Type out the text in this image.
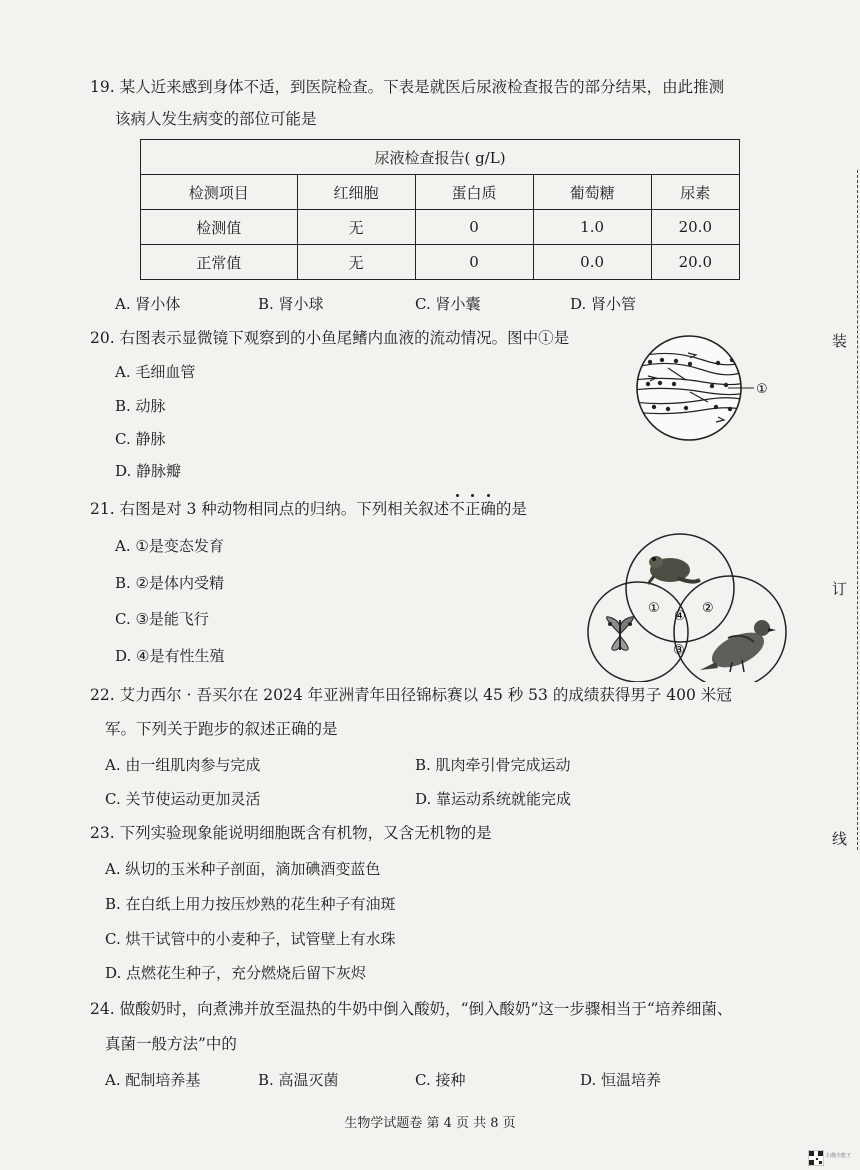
19. 某人近来感到身体不适，到医院检查。下表是就医后尿液检查报告的部分结果，由此推测
该病人发生病变的部位可能是
尿液检查报告( g/L)				
检测项目	红细胞	蛋白质	葡萄糖	尿素
检测值	无	0	1.0	20.0
正常值	无	0	0.0	20.0
A. 肾小体	B. 肾小球	C. 肾小囊	D. 肾小管
20. 右图表示显微镜下观察到的小鱼尾鳍内血液的流动情况。图中①是
A. 毛细血管
B. 动脉
C. 静脉
D. 静脉瓣
①
21. 右图是对 3 种动物相同点的归纳。下列相关叙述不正确的是
A. ①是变态发育
B. ②是体内受精
C. ③是能飞行
D. ④是有性生殖
①	②
③
④
22. 艾力西尔 · 吾买尔在 2024 年亚洲青年田径锦标赛以 45 秒 53 的成绩获得男子 400 米冠
军。下列关于跑步的叙述正确的是
A. 由一组肌肉参与完成	B. 肌肉牵引骨完成运动
C. 关节使运动更加灵活	D. 靠运动系统就能完成
23. 下列实验现象能说明细胞既含有机物，又含无机物的是
A. 纵切的玉米种子剖面，滴加碘酒变蓝色
B. 在白纸上用力按压炒熟的花生种子有油斑
C. 烘干试管中的小麦种子，试管壁上有水珠
D. 点燃花生种子，充分燃烧后留下灰烬
24. 做酸奶时，向煮沸并放至温热的牛奶中倒入酸奶，“倒入酸奶”这一步骤相当于“培养细菌、
真菌一般方法”中的
A. 配制培养基	B. 高温灭菌	C. 接种	D. 恒温培养
装
订
线
生物学试题卷 第 4 页 共 8 页
扫描全能王
